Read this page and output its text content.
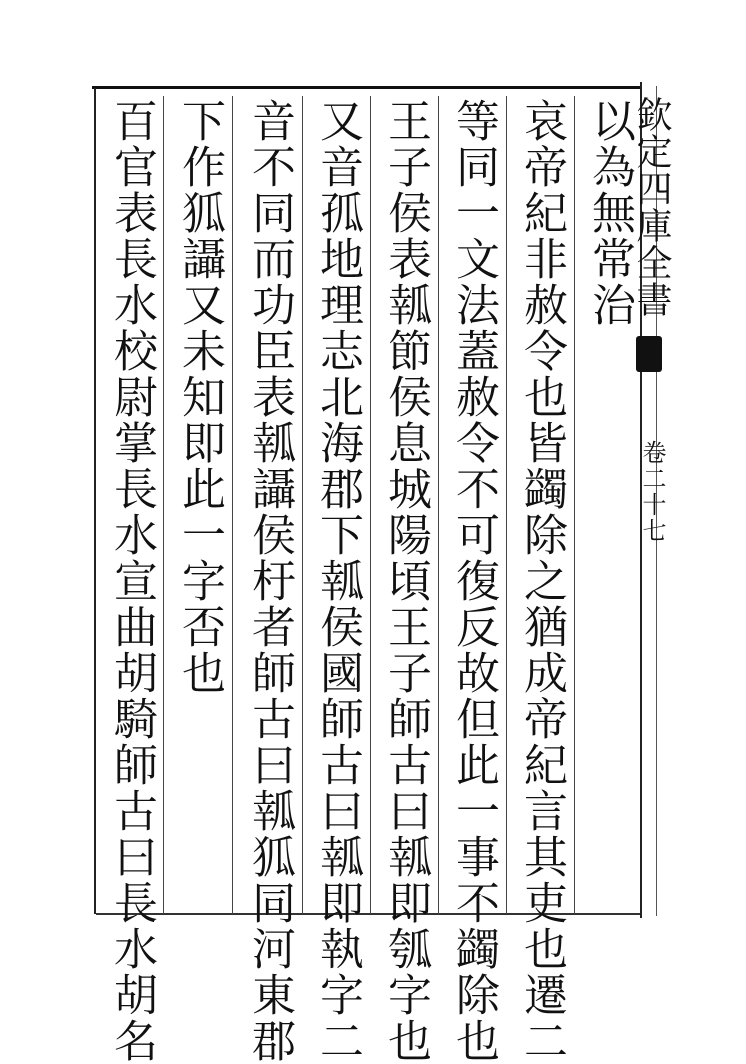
以為無常治
哀帝紀非赦令也皆蠲除之猶成帝紀言其吏也遷二
等同一文法蓋赦令不可復反故但此一事不蠲除也
王子侯表瓡節侯息城陽頃王子師古曰瓡即瓠字也
又音孤地理志北海郡下瓡侯國師古曰瓡即執字二
音不同而功臣表瓡讘侯杅者師古曰瓡狐同河東郡
下作狐讘又未知即此一字否也
百官表長水校尉掌長水宣曲胡騎師古曰長水胡名	欽定四庫全書
卷二十七
